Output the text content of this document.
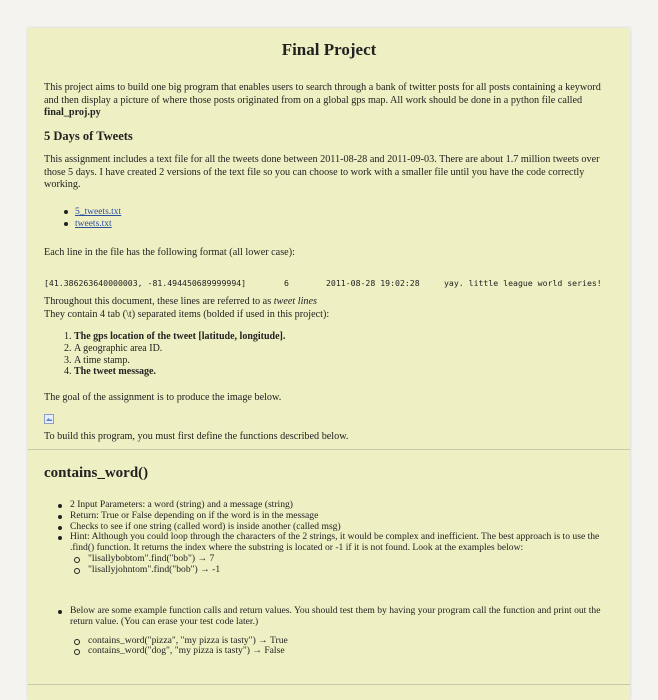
Final Project
This project aims to build one big program that enables users to search through a bank of twitter posts for all posts containing a keyword and then display a picture of where those posts originated from on a global gps map. All work should be done in a python file called final_proj.py
5 Days of Tweets
This assignment includes a text file for all the tweets done between 2011-08-28 and 2011-09-03. There are about 1.7 million tweets over those 5 days. I have created 2 versions of the text file so you can choose to work with a smaller file until you have the code correctly working.
5_tweets.txt
tweets.txt
Each line in the file has the following format (all lower case):
[41.386263640000003, -81.494450689999994]	6	2011-08-28 19:02:28	yay. little league world series!
Throughout this document, these lines are referred to as tweet lines
They contain 4 tab (\t) separated items (bolded if used in this project):
1. The gps location of the tweet [latitude, longitude].
2. A geographic area ID.
3. A time stamp.
4. The tweet message.
The goal of the assignment is to produce the image below.
To build this program, you must first define the functions described below.
contains_word()
2 Input Parameters: a word (string) and a message (string)
Return: True or False depending on if the word is in the message
Checks to see if one string (called word) is inside another (called msg)
Hint: Although you could loop through the characters of the 2 strings, it would be complex and inefficient. The best approach is to use the .find() function. It returns the index where the substring is located or -1 if it is not found. Look at the examples below:
"lisallybobtom".find("bob") → 7
"lisallyjohntom".find("bob") → -1
Below are some example function calls and return values. You should test them by having your program call the function and print out the return value. (You can erase your test code later.)
contains_word("pizza", "my pizza is tasty") → True
contains_word("dog", "my pizza is tasty") → False
